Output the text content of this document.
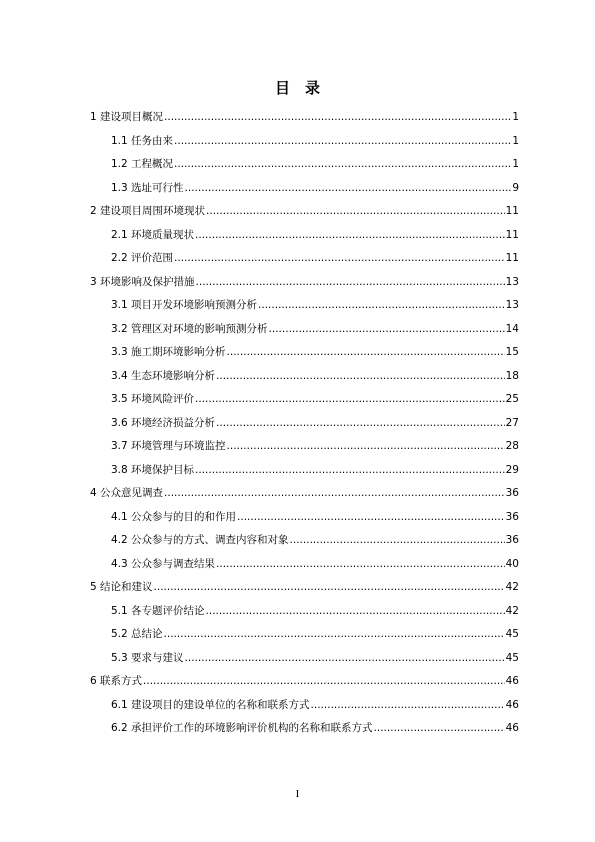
目　录
1 建设项目概况 .....	1
1.1 任务由来 .....	1
1.2 工程概况 .....	1
1.3 选址可行性 .....	9
2 建设项目周围环境现状 .....	11
2.1 环境质量现状 .....	11
2.2 评价范围 .....	11
3 环境影响及保护措施 .....	13
3.1 项目开发环境影响预测分析 .....	13
3.2 管理区对环境的影响预测分析 .....	14
3.3 施工期环境影响分析 .....	15
3.4 生态环境影响分析 .....	18
3.5 环境风险评价 .....	25
3.6 环境经济损益分析 .....	27
3.7 环境管理与环境监控 .....	28
3.8 环境保护目标 .....	29
4 公众意见调查 .....	36
4.1 公众参与的目的和作用 .....	36
4.2 公众参与的方式、调查内容和对象 .....	36
4.3 公众参与调查结果 .....	40
5 结论和建议 .....	42
5.1 各专题评价结论 .....	42
5.2 总结论 .....	45
5.3 要求与建议 .....	45
6 联系方式 .....	46
6.1 建设项目的建设单位的名称和联系方式 .....	46
6.2 承担评价工作的环境影响评价机构的名称和联系方式 .....	46
I
